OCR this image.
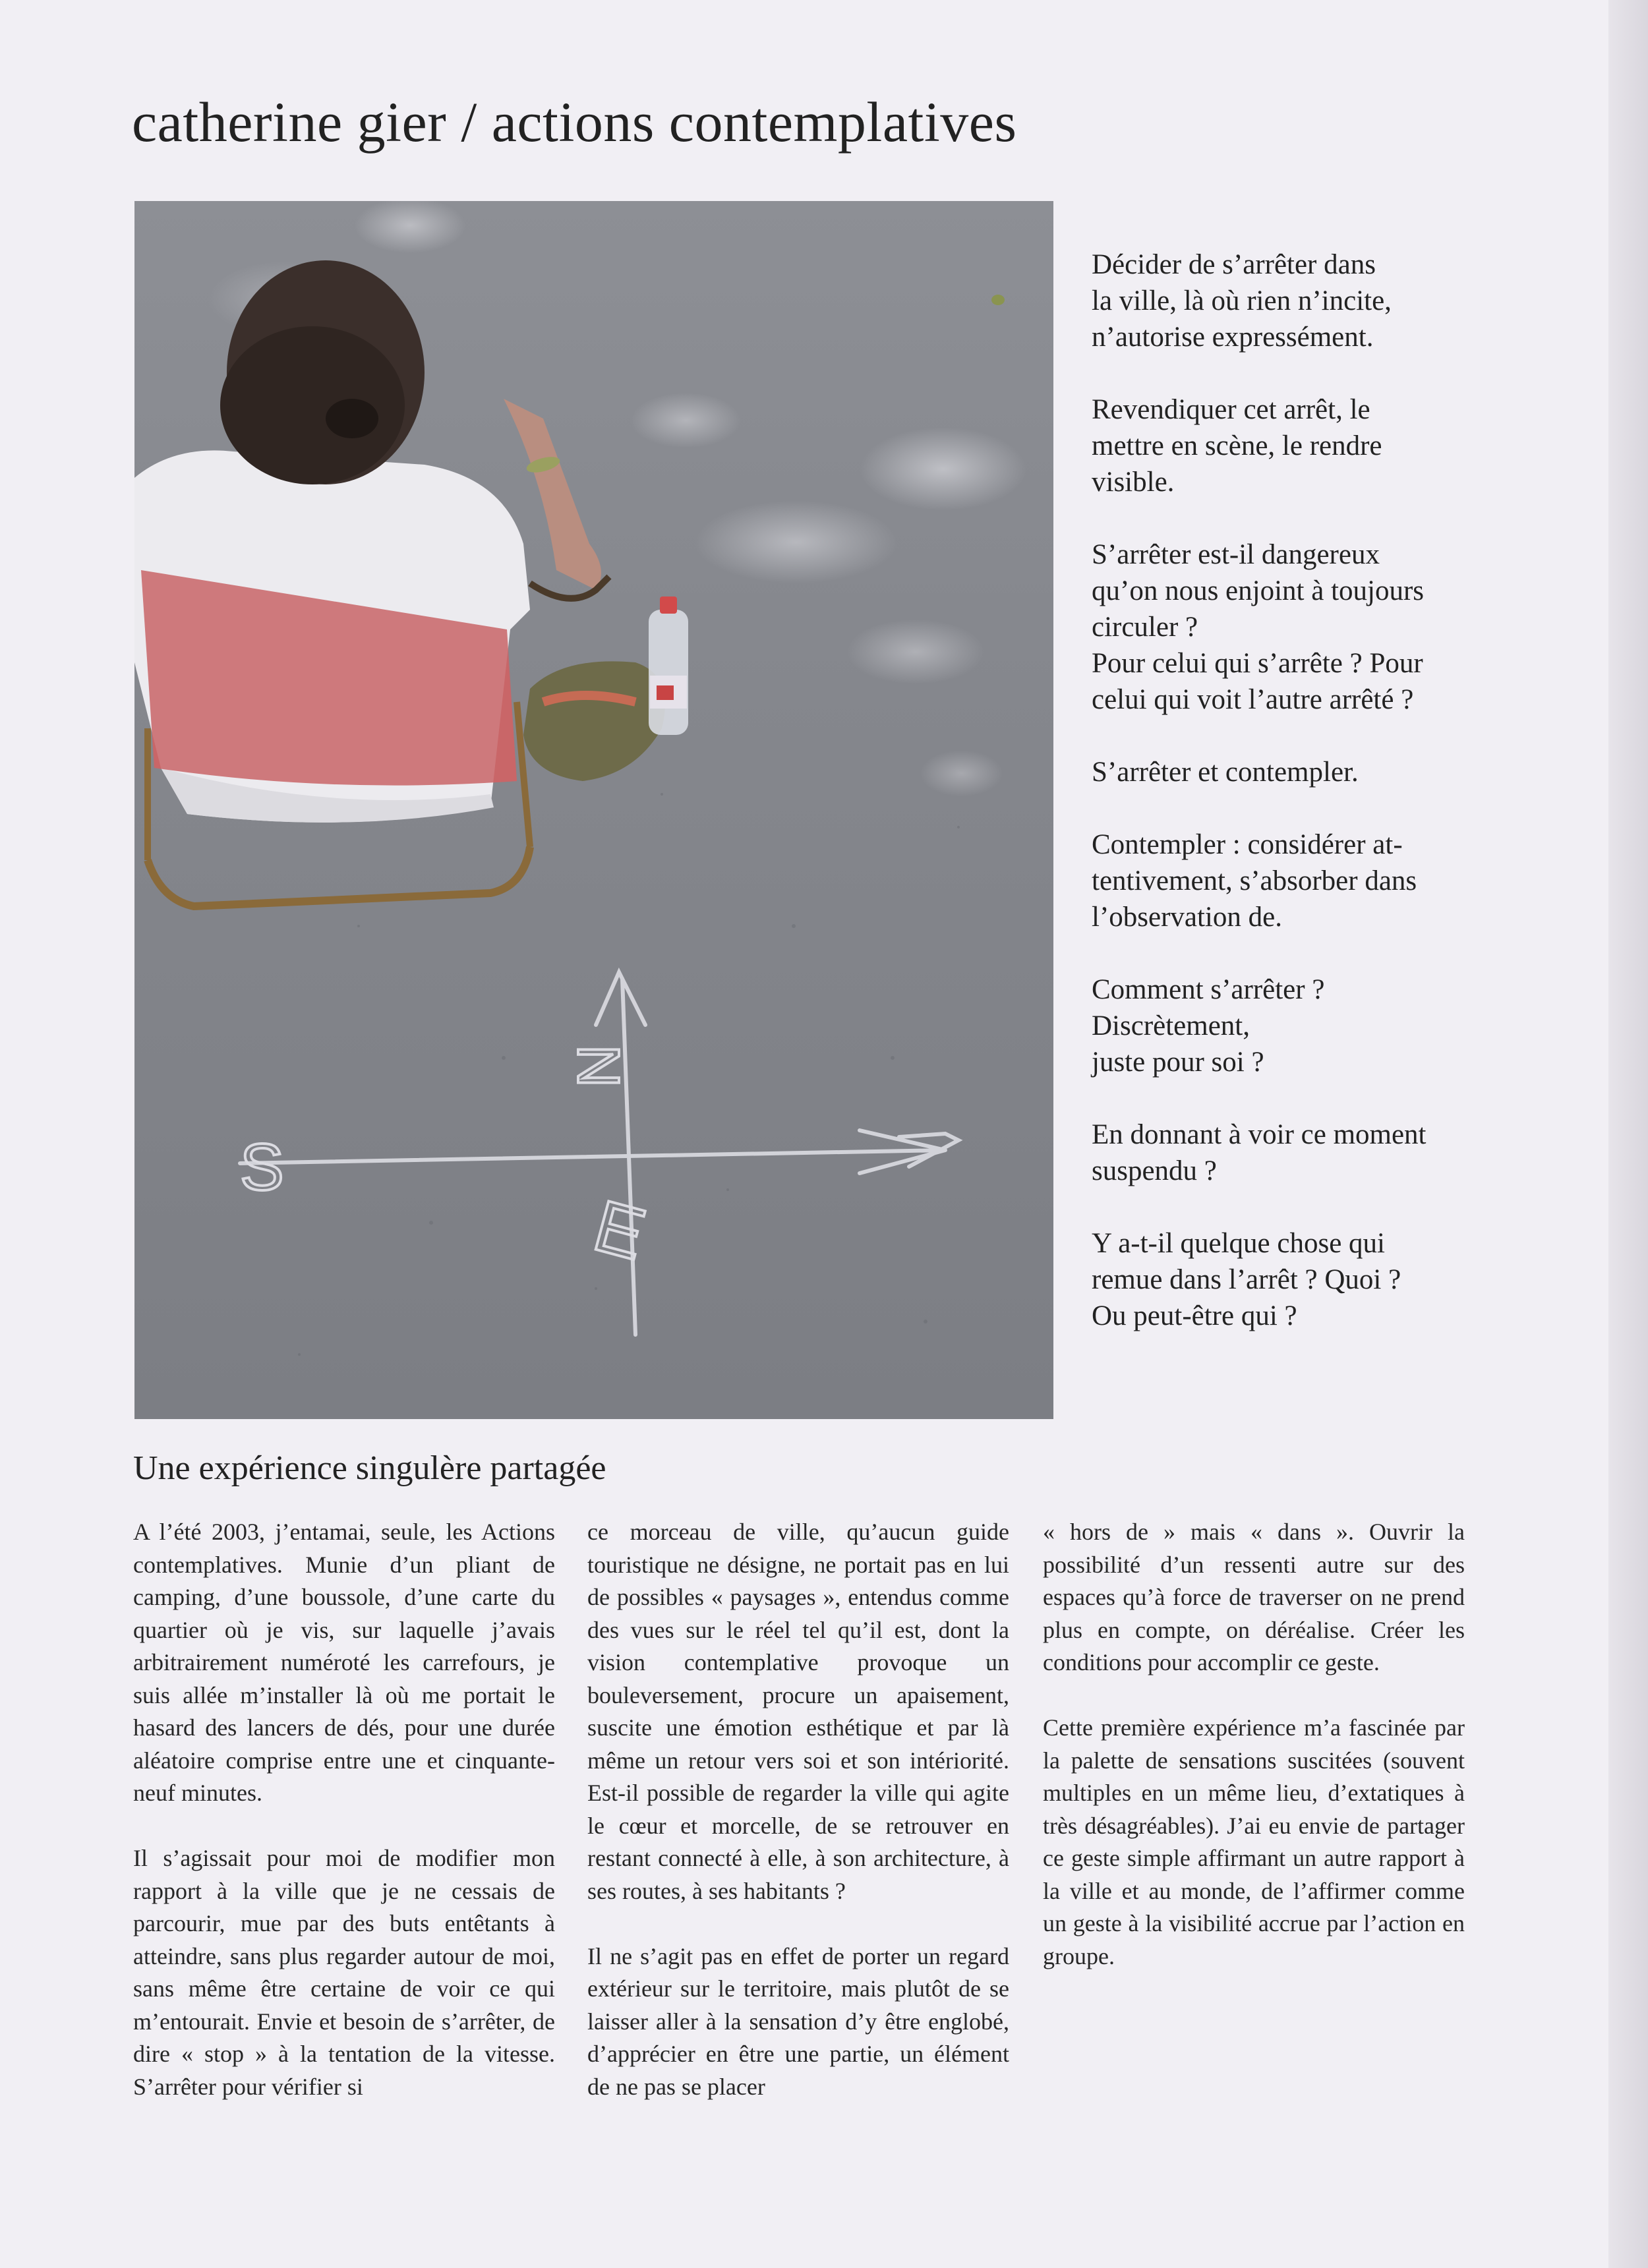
catherine gier / actions contemplatives
S
N
E

Décider de s’arrêter dans
la ville, là où rien n’incite,
n’autorise expressément.

Revendiquer cet arrêt, le
mettre en scène, le rendre
visible.

S’arrêter est-il dangereux
qu’on nous enjoint à toujours
circuler ?
Pour celui qui s’arrête ? Pour
celui qui voit l’autre arrêté ?

S’arrêter et contempler.

Contempler : considérer at-
tentivement, s’absorber dans
l’observation de.

Comment s’arrêter ?
Discrètement,
juste pour soi ?

En donnant à voir ce moment
suspendu ?

Y a-t-il quelque chose qui
remue dans l’arrêt ? Quoi ?
Ou peut-être qui ?

Une expérience singulère partagée

A l’été 2003, j’entamai, seule, les Actions contemplatives. Munie d’un pliant de camping, d’une boussole, d’une carte du quartier où je vis, sur laquelle j’avais arbitrairement numéroté les carrefours, je suis allée m’installer là où me portait le hasard des lancers de dés, pour une durée aléatoire comprise entre une et cinquante-neuf minutes.

Il s’agissait pour moi de modifier mon rapport à la ville que je ne cessais de parcourir, mue par des buts entêtants à atteindre, sans plus regarder autour de moi, sans même être certaine de voir ce qui m’entourait. Envie et besoin de s’arrêter, de dire « stop » à la tentation de la vitesse. S’arrêter pour vérifier si

ce morceau de ville, qu’aucun guide touristique ne désigne, ne portait pas en lui de possibles « paysages », entendus comme des vues sur le réel tel qu’il est, dont la vision contemplative provoque un bouleversement, procure un apaisement, suscite une émotion esthétique et par là même un retour vers soi et son intériorité. Est-il possible de regarder la ville qui agite le cœur et morcelle, de se retrouver en restant connecté à elle, à son architecture, à ses routes, à ses habitants ?

Il ne s’agit pas en effet de porter un regard extérieur sur le territoire, mais plutôt de se laisser aller à la sensation d’y être englobé, d’apprécier en être une partie, un élément de ne pas se placer

« hors de » mais « dans ». Ouvrir la possibilité d’un ressenti autre sur des espaces qu’à force de traverser on ne prend plus en compte, on déréalise. Créer les conditions pour accomplir ce geste.

Cette première expérience m’a fascinée par la palette de sensations suscitées (souvent multiples en un même lieu, d’extatiques à très désagréables). J’ai eu envie de partager ce geste simple affirmant un autre rapport à la ville et au monde, de l’affirmer comme un geste à la visibilité accrue par l’action en groupe.
